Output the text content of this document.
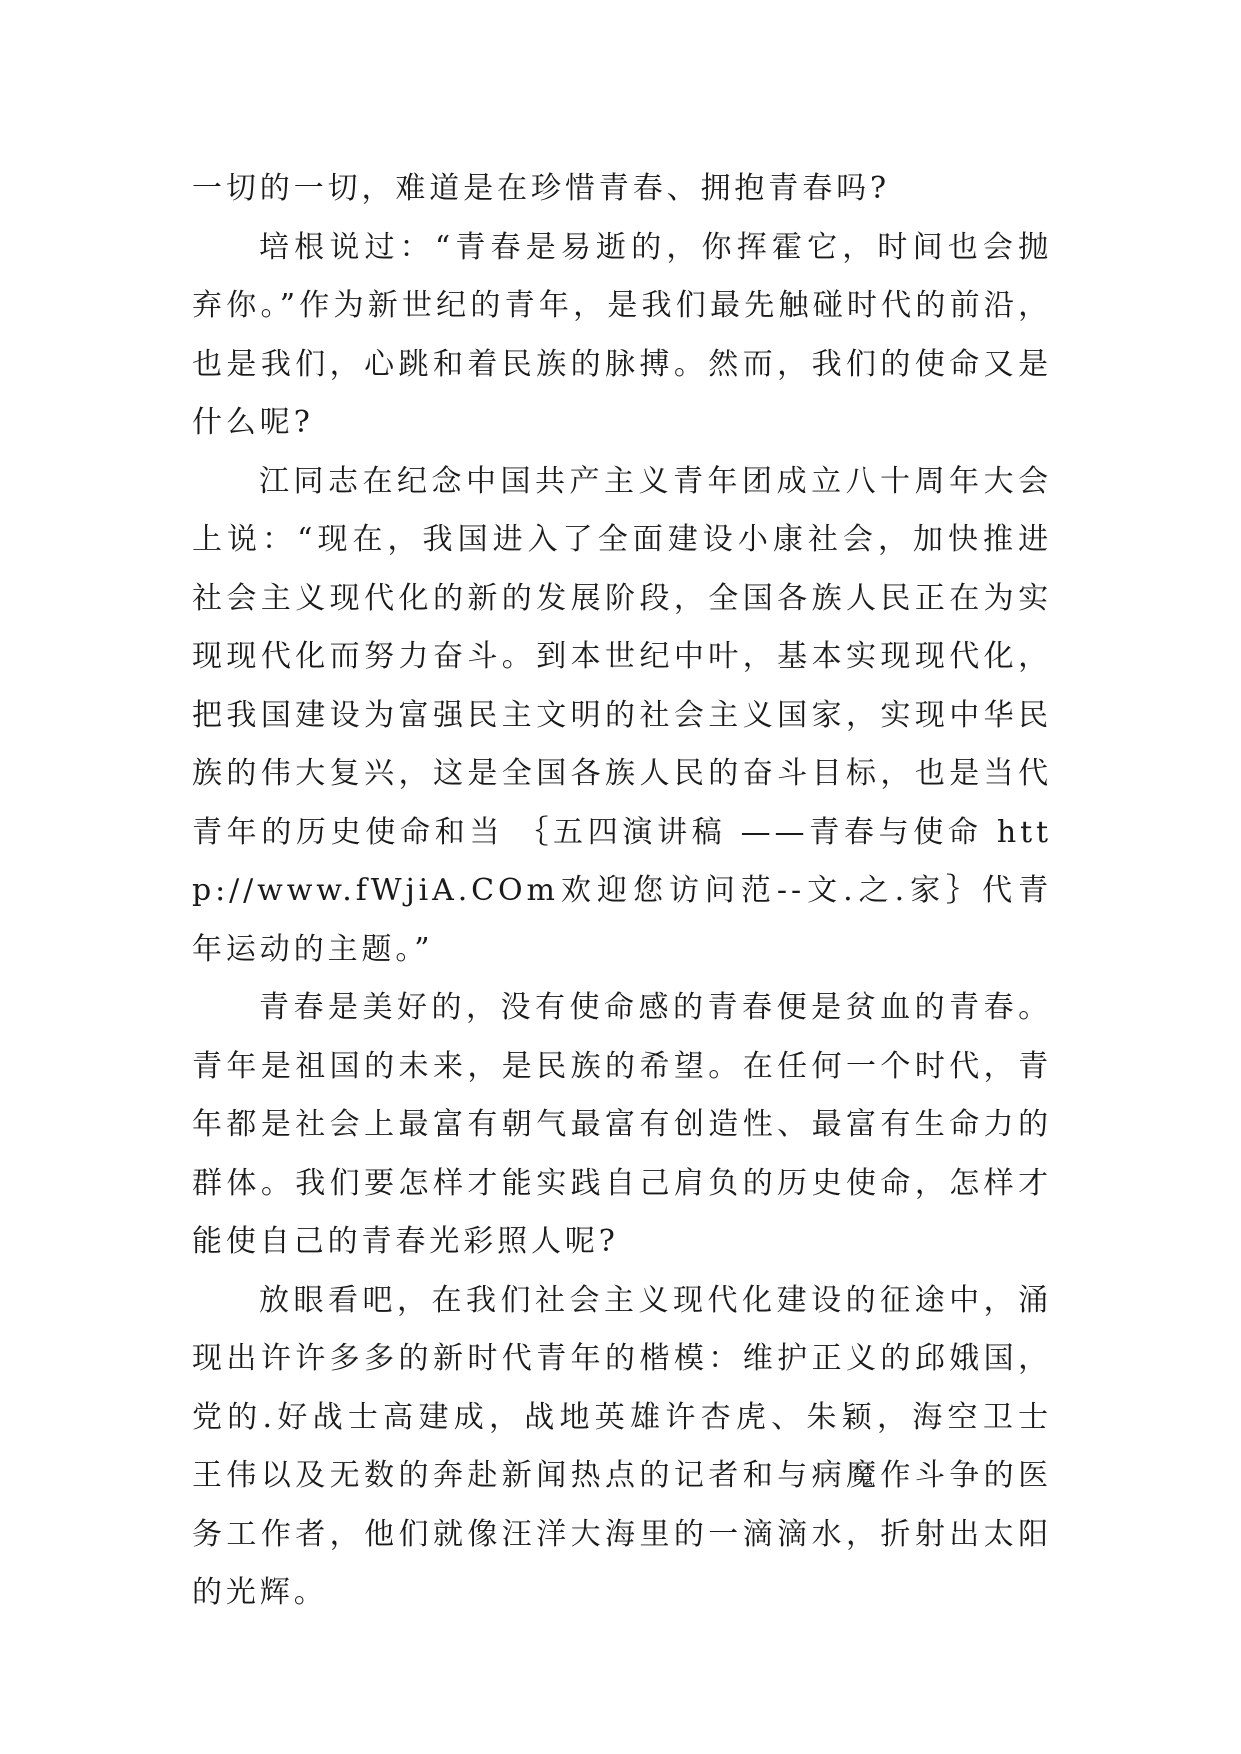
一切的一切，难道是在珍惜青春、拥抱青春吗?

培根说过：“青春是易逝的，你挥霍它，时间也会抛弃你。”作为新世纪的青年，是我们最先触碰时代的前沿，也是我们，心跳和着民族的脉搏。然而，我们的使命又是什么呢?

江同志在纪念中国共产主义青年团成立八十周年大会上说：“现在，我国进入了全面建设小康社会，加快推进社会主义现代化的新的发展阶段，全国各族人民正在为实现现代化而努力奋斗。到本世纪中叶，基本实现现代化，把我国建设为富强民主文明的社会主义国家，实现中华民族的伟大复兴，这是全国各族人民的奋斗目标，也是当代青年的历史使命和当 ｛五四演讲稿 ——青春与使命 http://www.fWjiA.COm欢迎您访问范--文.之.家｝代青年运动的主题。”

青春是美好的，没有使命感的青春便是贫血的青春。青年是祖国的未来，是民族的希望。在任何一个时代，青年都是社会上最富有朝气最富有创造性、最富有生命力的群体。我们要怎样才能实践自己肩负的历史使命，怎样才能使自己的青春光彩照人呢?

放眼看吧，在我们社会主义现代化建设的征途中，涌现出许许多多的新时代青年的楷模：维护正义的邱娥国，党的.好战士高建成，战地英雄许杏虎、朱颖，海空卫士王伟以及无数的奔赴新闻热点的记者和与病魔作斗争的医务工作者，他们就像汪洋大海里的一滴滴水，折射出太阳的光辉。
